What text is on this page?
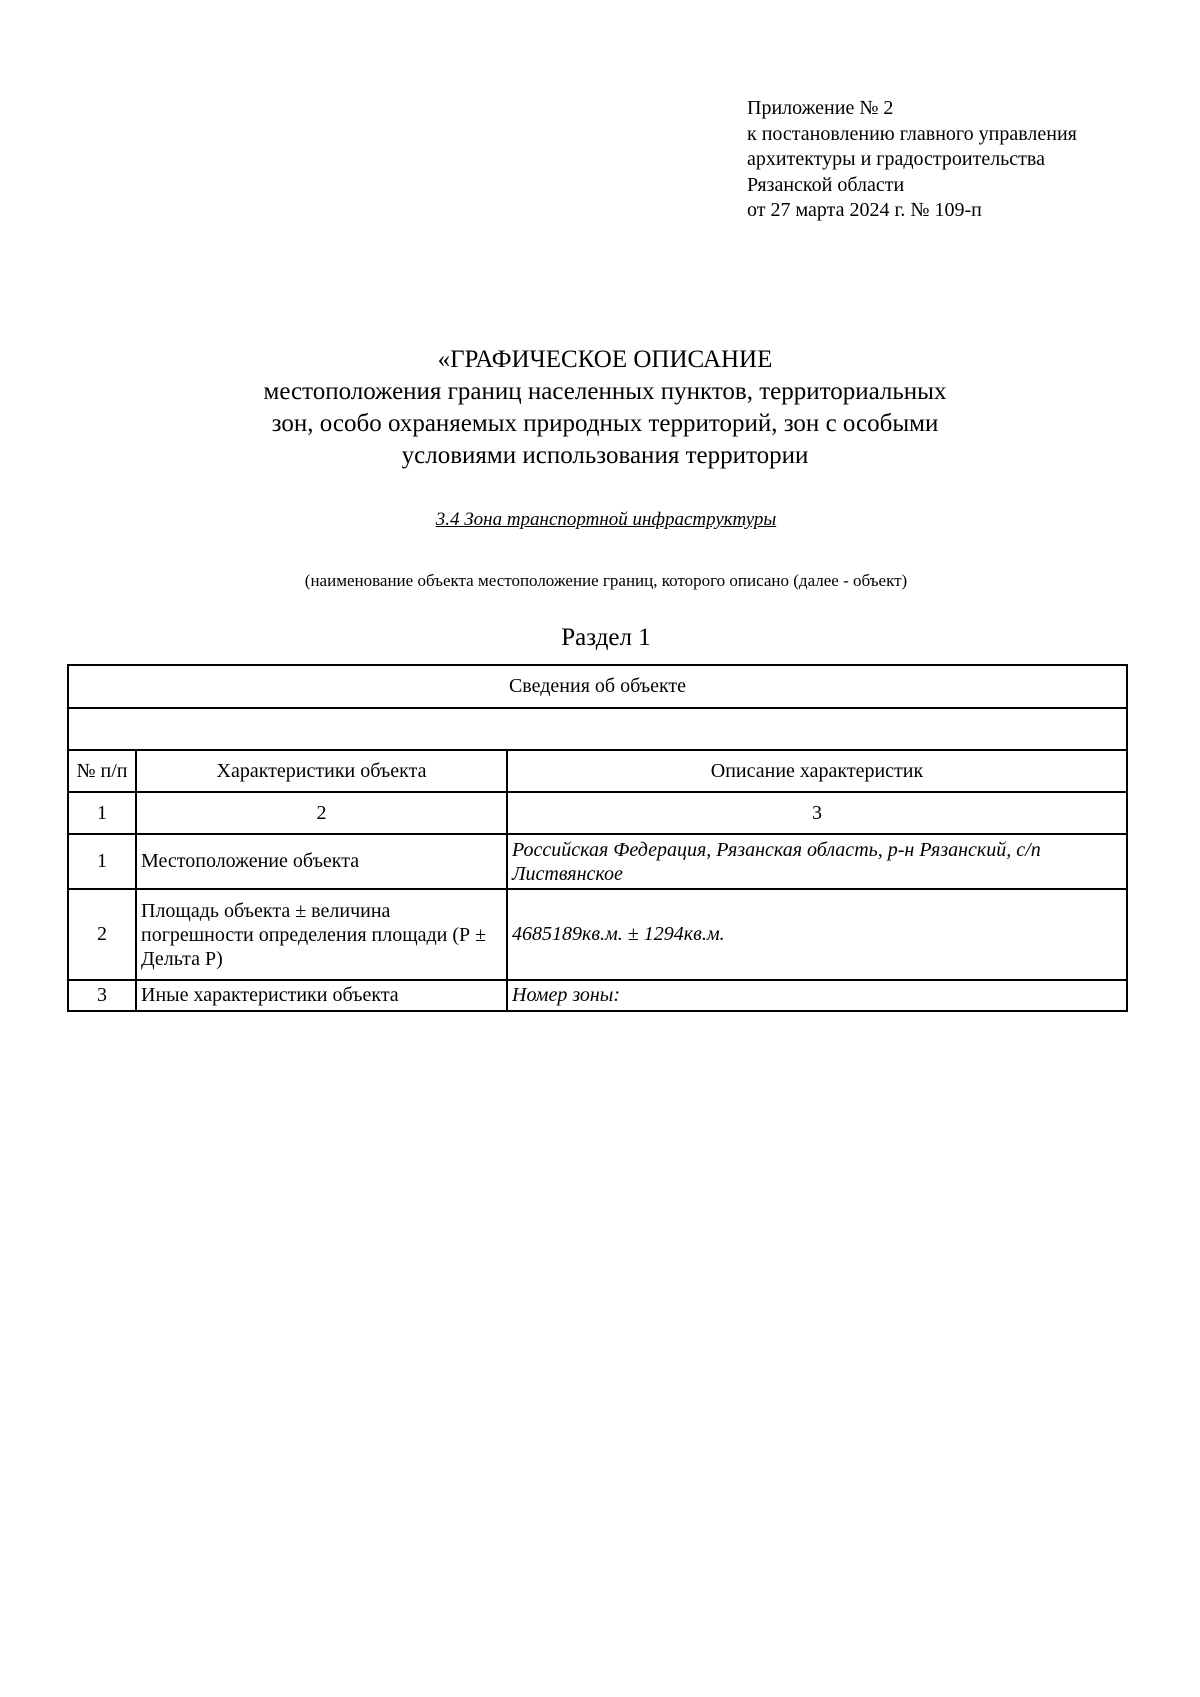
Приложение № 2
к постановлению главного управления
архитектуры и градостроительства
Рязанской области
от 27 марта 2024 г. № 109-п
«ГРАФИЧЕСКОЕ ОПИСАНИЕ
местоположения границ населенных пунктов, территориальных
зон, особо охраняемых природных территорий, зон с особыми
условиями использования территории
3.4 Зона транспортной инфраструктуры
(наименование объекта местоположение границ, которого описано (далее - объект)
Раздел 1
Сведения об объекте		

№ п/п	Характеристики объекта	Описание характеристик
1	2	3
1	Местоположение объекта	Российская Федерация, Рязанская область, р-н Рязанский, с/п Листвянское
2	Площадь объекта ± величина погрешности определения площади (Р ± Дельта Р)	4685189кв.м. ± 1294кв.м.
3	Иные характеристики объекта	Номер зоны:
